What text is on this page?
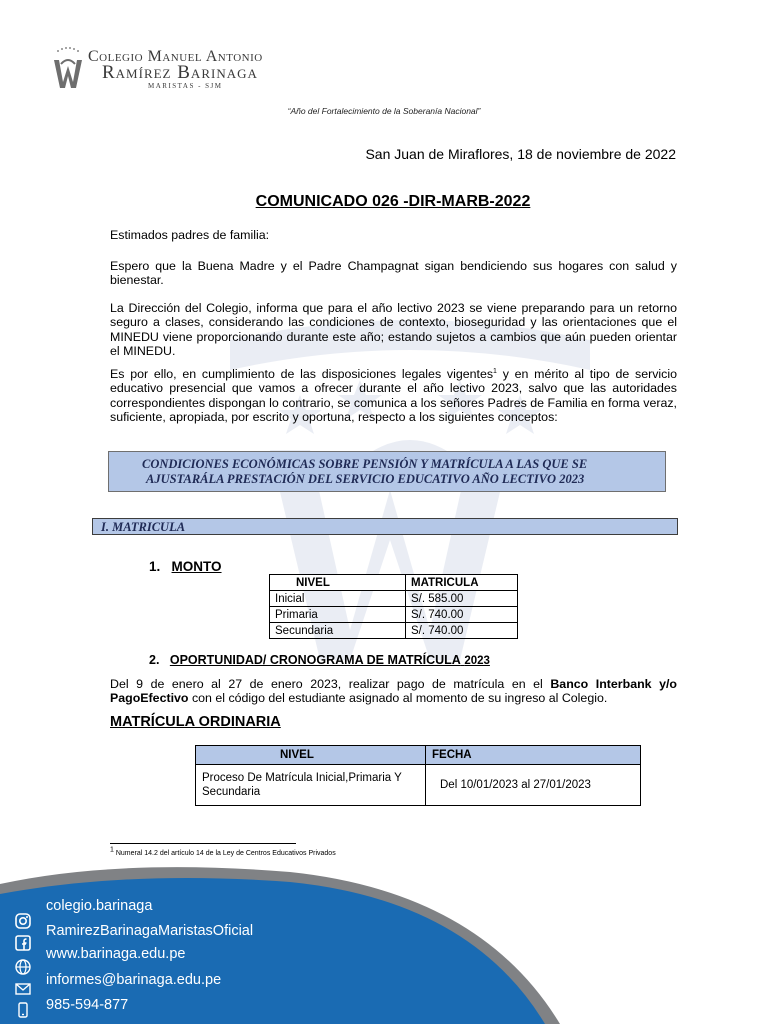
Colegio Manuel Antonio
Ramírez Barinaga
MARISTAS - SJM
“Año del Fortalecimiento de la Soberanía Nacional”
San Juan de Miraflores, 18 de noviembre de 2022
COMUNICADO 026 -DIR-MARB-2022

Estimados padres de familia:

Espero que la Buena Madre y el Padre Champagnat sigan bendiciendo sus hogares con salud y bienestar.

La Dirección del Colegio, informa que para el año lectivo 2023 se viene preparando para un retorno seguro a clases, considerando las condiciones de contexto, bioseguridad y las orientaciones que el MINEDU viene proporcionando durante este año; estando sujetos a cambios que aún pueden orientar el MINEDU.

Es por ello, en cumplimiento de las disposiciones legales vigentes$^1$ y en mérito al tipo de servicio educativo presencial que vamos a ofrecer durante el año lectivo 2023, salvo que las autoridades correspondientes dispongan lo contrario, se comunica a los señores Padres de Familia en forma veraz, suficiente, apropiada, por escrito y oportuna, respecto a los siguientes conceptos:

CONDICIONES ECONÓMICAS SOBRE PENSIÓN Y MATRÍCULA A LAS QUE SE
AJUSTARÁLA PRESTACIÓN DEL SERVICIO EDUCATIVO AÑO LECTIVO 2023
I. MATRICULA
1. MONTO
NIVEL	MATRICULA
Inicial	S/. 585.00
Primaria	S/. 740.00
Secundaria	S/. 740.00
2. OPORTUNIDAD/ CRONOGRAMA DE MATRÍCULA 2023

Del 9 de enero al 27 de enero 2023, realizar pago de matrícula en el Banco Interbank y/o PagoEfectivo con el código del estudiante asignado al momento de su ingreso al Colegio.

MATRÍCULA ORDINARIA
NIVEL	FECHA
Proceso De Matrícula Inicial,Primaria Y Secundaria	Del 10/01/2023 al 27/01/2023
$^1$ Numeral 14.2 del artículo 14 de la Ley de Centros Educativos Privados
colegio.barinaga
RamirezBarinagaMaristasOficial
www.barinaga.edu.pe
informes@barinaga.edu.pe
985-594-877
